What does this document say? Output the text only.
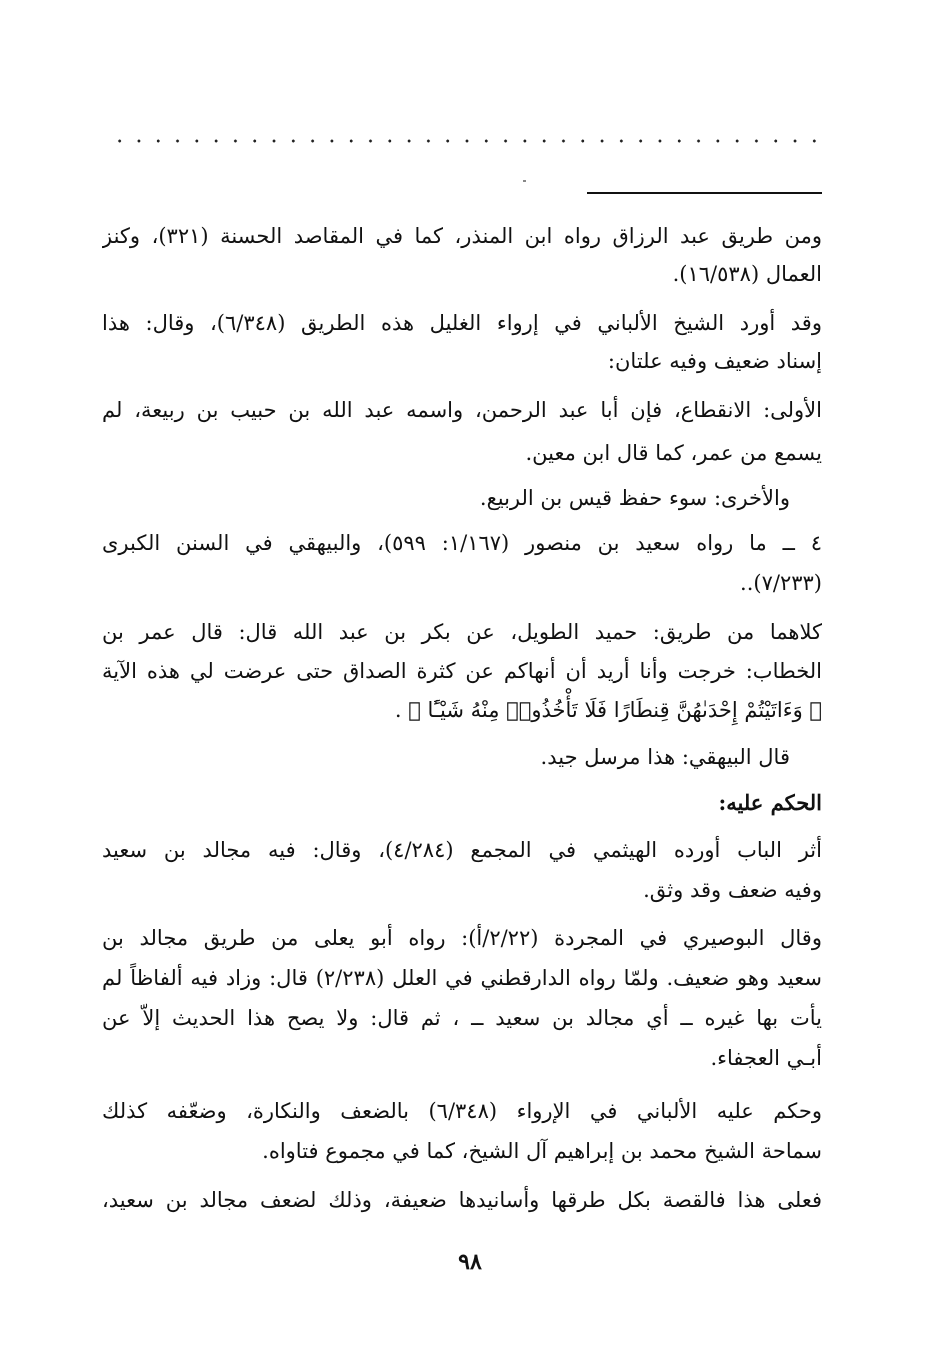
ومن طريق عبد الرزاق رواه ابن المنذر، كما في المقاصد الحسنة (٣٢١)، وكنز
العمال (١٦/٥٣٨).
وقد أورد الشيخ الألباني في إرواء الغليل هذه الطريق (٦/٣٤٨)، وقال: هذا
إسناد ضعيف وفيه علتان:
الأولى: الانقطاع، فإن أبا عبد الرحمن، واسمه عبد الله بن حبيب بن ربيعة، لم
يسمع من عمر، كما قال ابن معين.
والأخرى: سوء حفظ قيس بن الربيع.
٤ ــ ما رواه سعيد بن منصور (١/١٦٧: ٥٩٩)، والبيهقي في السنن الكبرى
(٧/٢٣٣)..
كلاهما من طريق: حميد الطويل، عن بكر بن عبد الله قال: قال عمر بن
الخطاب: خرجت وأنا أريد أن أنهاكم عن كثرة الصداق حتى عرضت لي هذه الآية
﴿ وَءَاتَيْتُمْ إِحْدَىٰهُنَّ قِنطَارًا فَلَا تَأْخُذُوا۟ مِنْهُ شَيْـًٔا ﴾ .
قال البيهقي: هذا مرسل جيد.
الحكم عليه:
أثر الباب أورده الهيثمي في المجمع (٤/٢٨٤)، وقال: فيه مجالد بن سعيد
وفيه ضعف وقد وثق.
وقال البوصيري في المجردة (٢/٢٢/أ): رواه أبو يعلى من طريق مجالد بن
سعيد وهو ضعيف. ولمّا رواه الدارقطني في العلل (٢/٢٣٨) قال: وزاد فيه ألفاظاً لم
يأت بها غيره ــ أي مجالد بن سعيد ــ ، ثم قال: ولا يصح هذا الحديث إلاّ عن
أبـي العجفاء.
وحكم عليه الألباني في الإرواء (٦/٣٤٨) بالضعف والنكارة، وضعّفه كذلك
سماحة الشيخ محمد بن إبراهيم آل الشيخ، كما في مجموع فتاواه.
فعلى هذا فالقصة بكل طرقها وأسانيدها ضعيفة، وذلك لضعف مجالد بن سعيد،
٩٨
